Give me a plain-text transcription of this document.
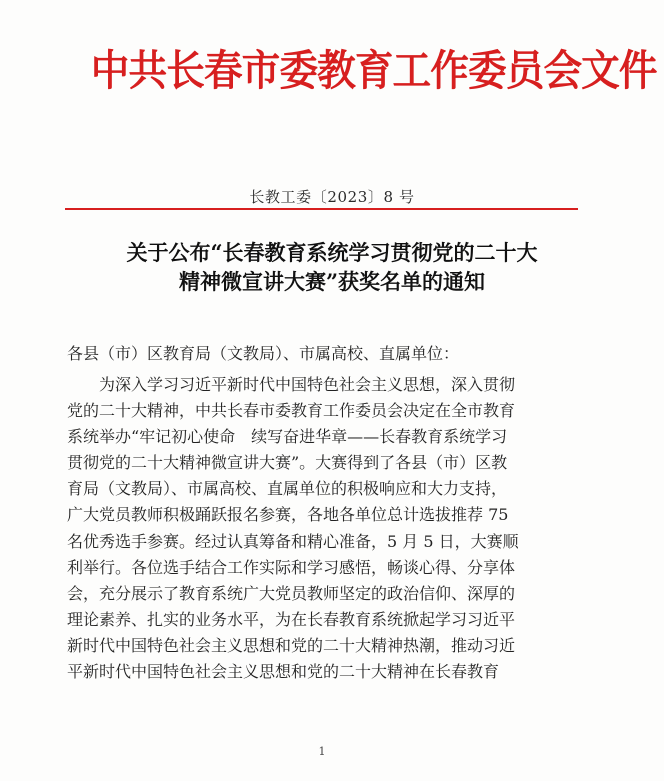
中共长春市委教育工作委员会文件
长教工委〔2023〕8 号
关于公布“长春教育系统学习贯彻党的二十大
精神微宣讲大赛”获奖名单的通知
各县（市）区教育局（文教局）、市属高校、直属单位：
为深入学习习近平新时代中国特色社会主义思想，深入贯彻
党的二十大精神，中共长春市委教育工作委员会决定在全市教育
系统举办“牢记初心使命　续写奋进华章——长春教育系统学习
贯彻党的二十大精神微宣讲大赛”。大赛得到了各县（市）区教
育局（文教局）、市属高校、直属单位的积极响应和大力支持，
广大党员教师积极踊跃报名参赛，各地各单位总计选拔推荐 75
名优秀选手参赛。经过认真筹备和精心准备，5 月 5 日，大赛顺
利举行。各位选手结合工作实际和学习感悟，畅谈心得、分享体
会，充分展示了教育系统广大党员教师坚定的政治信仰、深厚的
理论素养、扎实的业务水平，为在长春教育系统掀起学习习近平
新时代中国特色社会主义思想和党的二十大精神热潮，推动习近
平新时代中国特色社会主义思想和党的二十大精神在长春教育
1
